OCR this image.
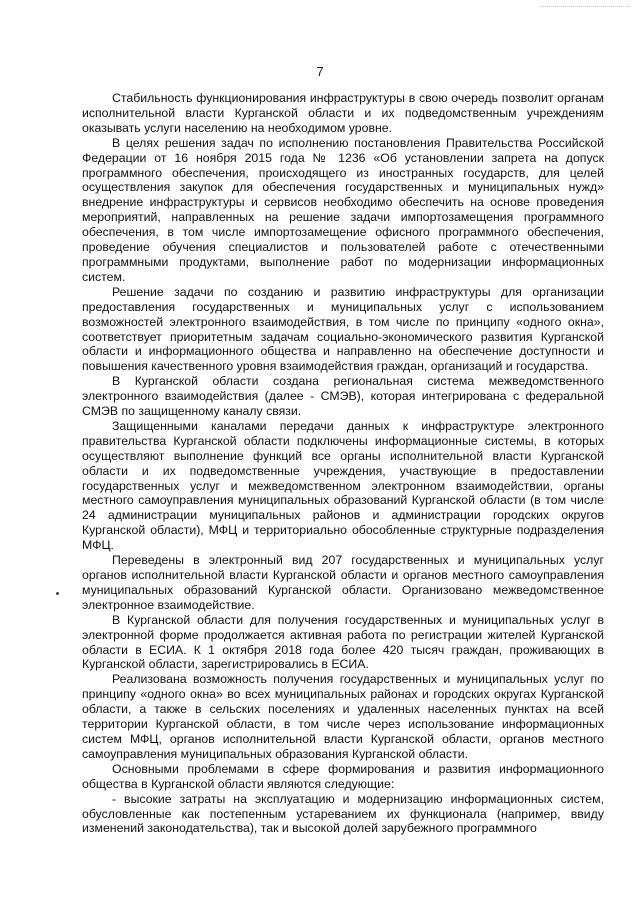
7

Стабильность функционирования инфраструктуры в свою очередь позволит органам исполнительной власти Курганской области и их подведомственным учреждениям оказывать услуги населению на необходимом уровне.

В целях решения задач по исполнению постановления Правительства Российской Федерации от 16 ноября 2015 года № 1236 «Об установлении запрета на допуск программного обеспечения, происходящего из иностранных государств, для целей осуществления закупок для обеспечения государственных и муниципальных нужд» внедрение инфраструктуры и сервисов необходимо обеспечить на основе проведения мероприятий, направленных на решение задачи импортозамещения программного обеспечения, в том числе импортозамещение офисного программного обеспечения, проведение обучения специалистов и пользователей работе с отечественными программными продуктами, выполнение работ по модернизации информационных систем.

Решение задачи по созданию и развитию инфраструктуры для организации предоставления государственных и муниципальных услуг с использованием возможностей электронного взаимодействия, в том числе по принципу «одного окна», соответствует приоритетным задачам социально-экономического развития Курганской области и информационного общества и направленно на обеспечение доступности и повышения качественного уровня взаимодействия граждан, организаций и государства.

В Курганской области создана региональная система межведомственного электронного взаимодействия (далее - СМЭВ), которая интегрирована с федеральной СМЭВ по защищенному каналу связи.

Защищенными каналами передачи данных к инфраструктуре электронного правительства Курганской области подключены информационные системы, в которых осуществляют выполнение функций все органы исполнительной власти Курганской области и их подведомственные учреждения, участвующие в предоставлении государственных услуг и межведомственном электронном взаимодействии, органы местного самоуправления муниципальных образований Курганской области (в том числе 24 администрации муниципальных районов и администрации городских округов Курганской области), МФЦ и территориально обособленные структурные подразделения МФЦ.

Переведены в электронный вид 207 государственных и муниципальных услуг органов исполнительной власти Курганской области и органов местного самоуправления муниципальных образований Курганской области. Организовано межведомственное электронное взаимодействие.

В Курганской области для получения государственных и муниципальных услуг в электронной форме продолжается активная работа по регистрации жителей Курганской области в ЕСИА. К 1 октября 2018 года более 420 тысяч граждан, проживающих в Курганской области, зарегистрировались в ЕСИА.

Реализована возможность получения государственных и муниципальных услуг по принципу «одного окна» во всех муниципальных районах и городских округах Курганской области, а также в сельских поселениях и удаленных населенных пунктах на всей территории Курганской области, в том числе через использование информационных систем МФЦ, органов исполнительной власти Курганской области, органов местного самоуправления муниципальных образования Курганской области.

Основными проблемами в сфере формирования и развития информационного общества в Курганской области являются следующие:

- высокие затраты на эксплуатацию и модернизацию информационных систем, обусловленные как постепенным устареванием их функционала (например, ввиду изменений законодательства), так и высокой долей зарубежного программного
